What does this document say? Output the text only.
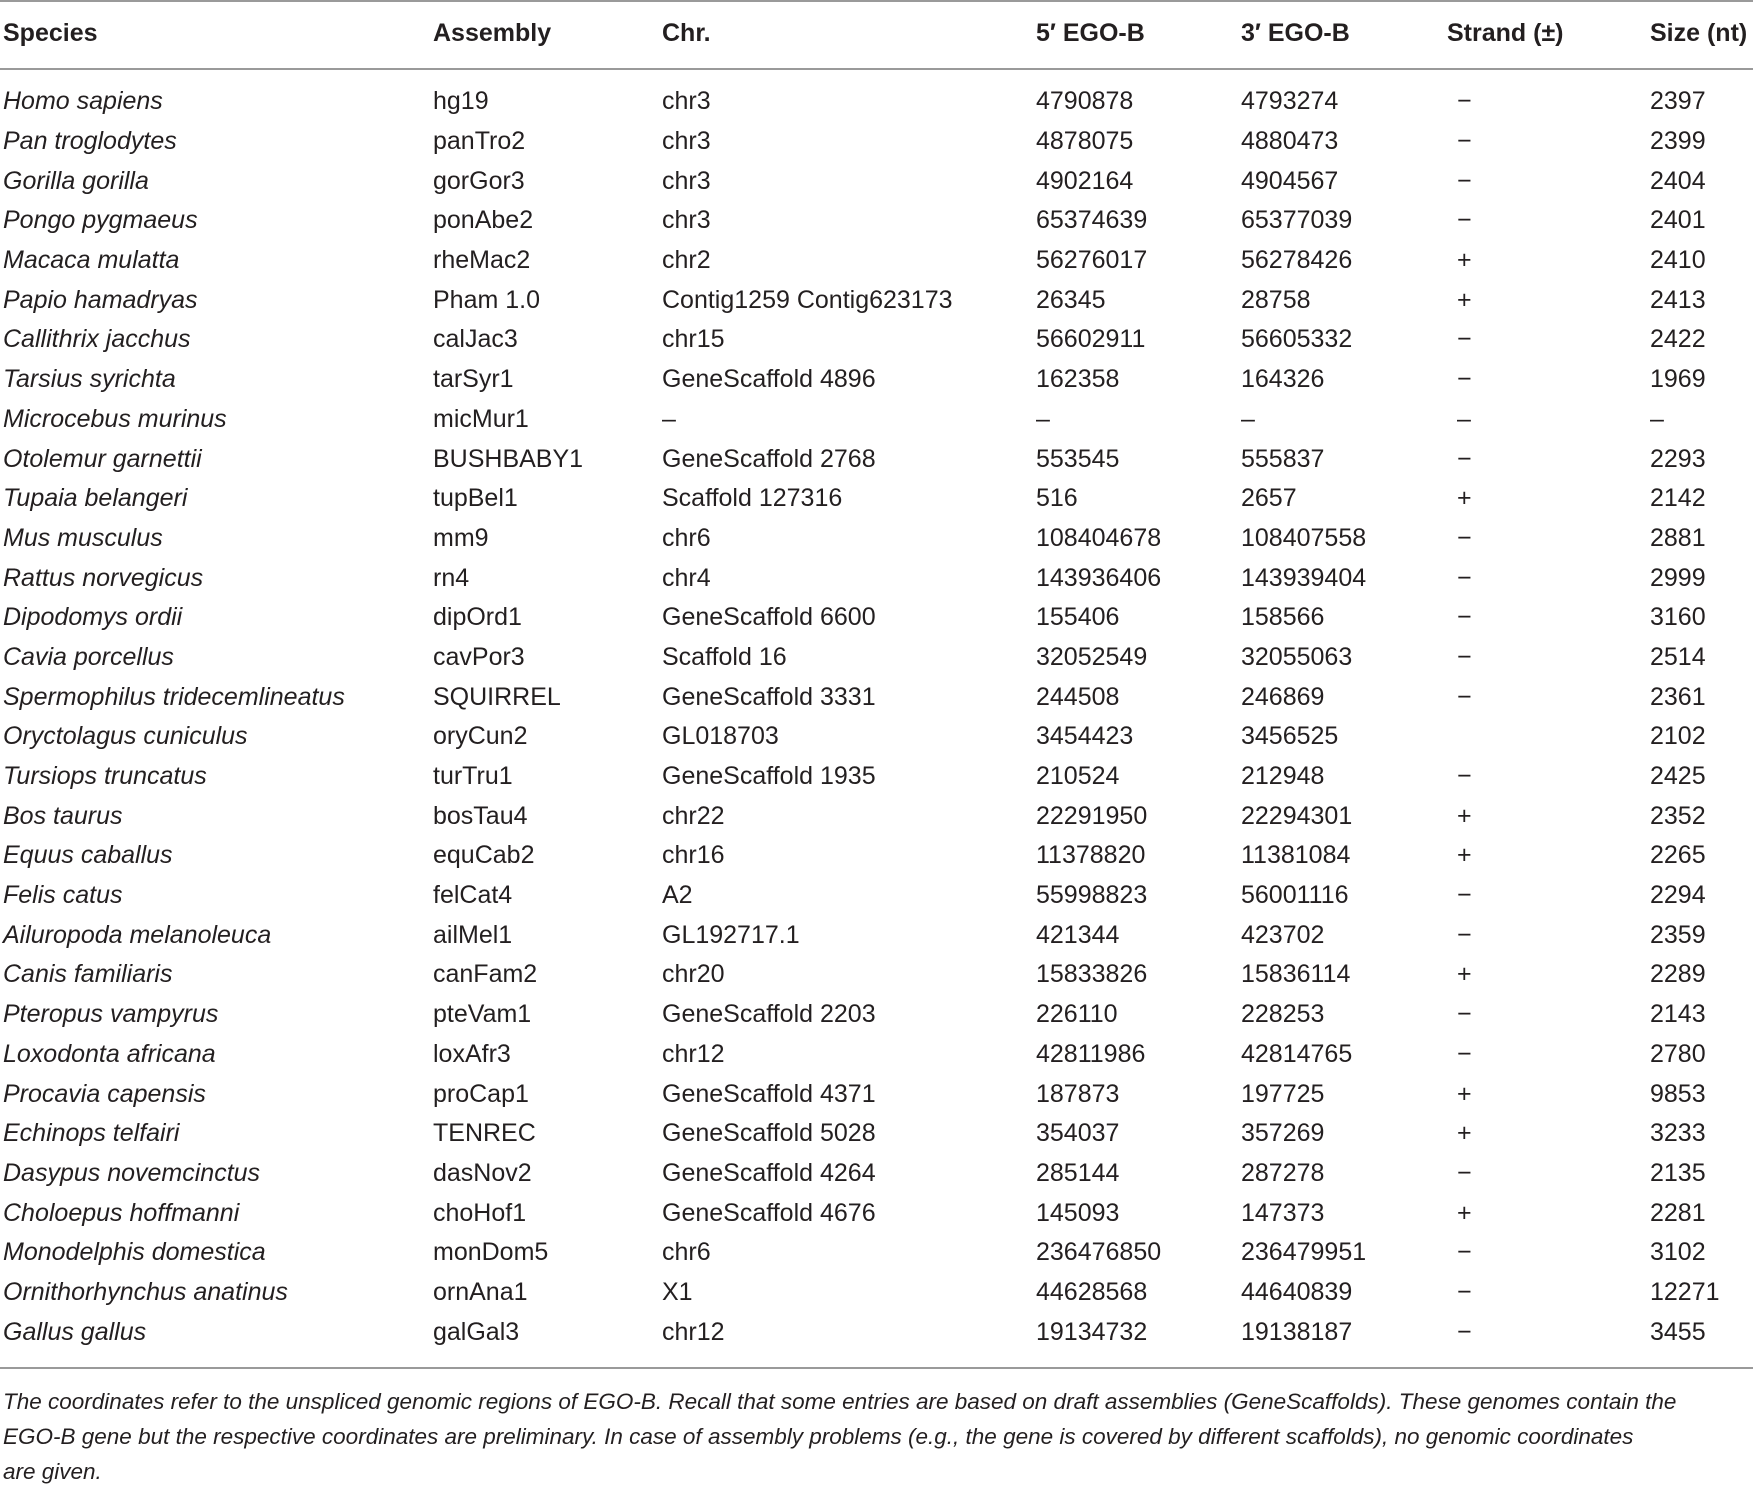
Species	Assembly	Chr.	5′ EGO-B	3′ EGO-B	Strand (±)	Size (nt)

Homo sapiens	hg19	chr3	4790878	4793274	−	2397
Pan troglodytes	panTro2	chr3	4878075	4880473	−	2399
Gorilla gorilla	gorGor3	chr3	4902164	4904567	−	2404
Pongo pygmaeus	ponAbe2	chr3	65374639	65377039	−	2401
Macaca mulatta	rheMac2	chr2	56276017	56278426	+	2410
Papio hamadryas	Pham 1.0	Contig1259 Contig623173	26345	28758	+	2413
Callithrix jacchus	calJac3	chr15	56602911	56605332	−	2422
Tarsius syrichta	tarSyr1	GeneScaffold 4896	162358	164326	−	1969
Microcebus murinus	micMur1	–	–	–	–	–
Otolemur garnettii	BUSHBABY1	GeneScaffold 2768	553545	555837	−	2293
Tupaia belangeri	tupBel1	Scaffold 127316	516	2657	+	2142
Mus musculus	mm9	chr6	108404678	108407558	−	2881
Rattus norvegicus	rn4	chr4	143936406	143939404	−	2999
Dipodomys ordii	dipOrd1	GeneScaffold 6600	155406	158566	−	3160
Cavia porcellus	cavPor3	Scaffold 16	32052549	32055063	−	2514
Spermophilus tridecemlineatus	SQUIRREL	GeneScaffold 3331	244508	246869	−	2361
Oryctolagus cuniculus	oryCun2	GL018703	3454423	3456525		2102
Tursiops truncatus	turTru1	GeneScaffold 1935	210524	212948	−	2425
Bos taurus	bosTau4	chr22	22291950	22294301	+	2352
Equus caballus	equCab2	chr16	11378820	11381084	+	2265
Felis catus	felCat4	A2	55998823	56001116	−	2294
Ailuropoda melanoleuca	ailMel1	GL192717.1	421344	423702	−	2359
Canis familiaris	canFam2	chr20	15833826	15836114	+	2289
Pteropus vampyrus	pteVam1	GeneScaffold 2203	226110	228253	−	2143
Loxodonta africana	loxAfr3	chr12	42811986	42814765	−	2780
Procavia capensis	proCap1	GeneScaffold 4371	187873	197725	+	9853
Echinops telfairi	TENREC	GeneScaffold 5028	354037	357269	+	3233
Dasypus novemcinctus	dasNov2	GeneScaffold 4264	285144	287278	−	2135
Choloepus hoffmanni	choHof1	GeneScaffold 4676	145093	147373	+	2281
Monodelphis domestica	monDom5	chr6	236476850	236479951	−	3102
Ornithorhynchus anatinus	ornAna1	X1	44628568	44640839	−	12271
Gallus gallus	galGal3	chr12	19134732	19138187	−	3455
The coordinates refer to the unspliced genomic regions of EGO-B. Recall that some entries are based on draft assemblies (GeneScaffolds). These genomes contain the
EGO-B gene but the respective coordinates are preliminary. In case of assembly problems (e.g., the gene is covered by different scaffolds), no genomic coordinates
are given.
